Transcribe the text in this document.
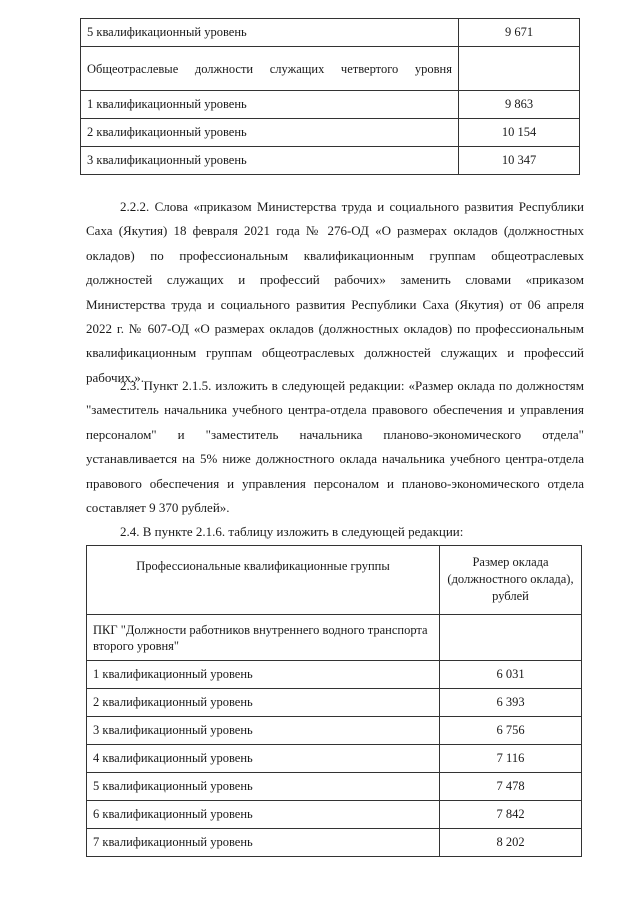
5 квалификационный уровень	9 671
Общеотраслевые должности служащих четвертого уровня	
1 квалификационный уровень	9 863
2 квалификационный уровень	10 154
3 квалификационный уровень	10 347

2.2.2. Слова «приказом Министерства труда и социального развития Республики Саха (Якутия) 18 февраля 2021 года № 276-ОД «О размерах окладов (должностных окладов) по профессиональным квалификационным группам общеотраслевых должностей служащих и профессий рабочих» заменить словами «приказом Министерства труда и социального развития Республики Саха (Якутия) от 06 апреля 2022 г. № 607-ОД «О размерах окладов (должностных окладов) по профессиональным квалификационным группам общеотраслевых должностей служащих и профессий рабочих.».

2.3. Пункт 2.1.5. изложить в следующей редакции: «Размер оклада по должностям "заместитель начальника учебного центра-отдела правового обеспечения и управления персоналом" и "заместитель начальника планово-экономического отдела" устанавливается на 5% ниже должностного оклада начальника учебного центра-отдела правового обеспечения и управления персоналом и планово-экономического отдела составляет 9 370 рублей».

2.4. В пункте 2.1.6. таблицу изложить в следующей редакции:

Профессиональные квалификационные группы	Размер оклада (должностного оклада), рублей
ПКГ "Должности работников внутреннего водного транспорта второго уровня"	
1 квалификационный уровень	6 031
2 квалификационный уровень	6 393
3 квалификационный уровень	6 756
4 квалификационный уровень	7 116
5 квалификационный уровень	7 478
6 квалификационный уровень	7 842
7 квалификационный уровень	8 202
